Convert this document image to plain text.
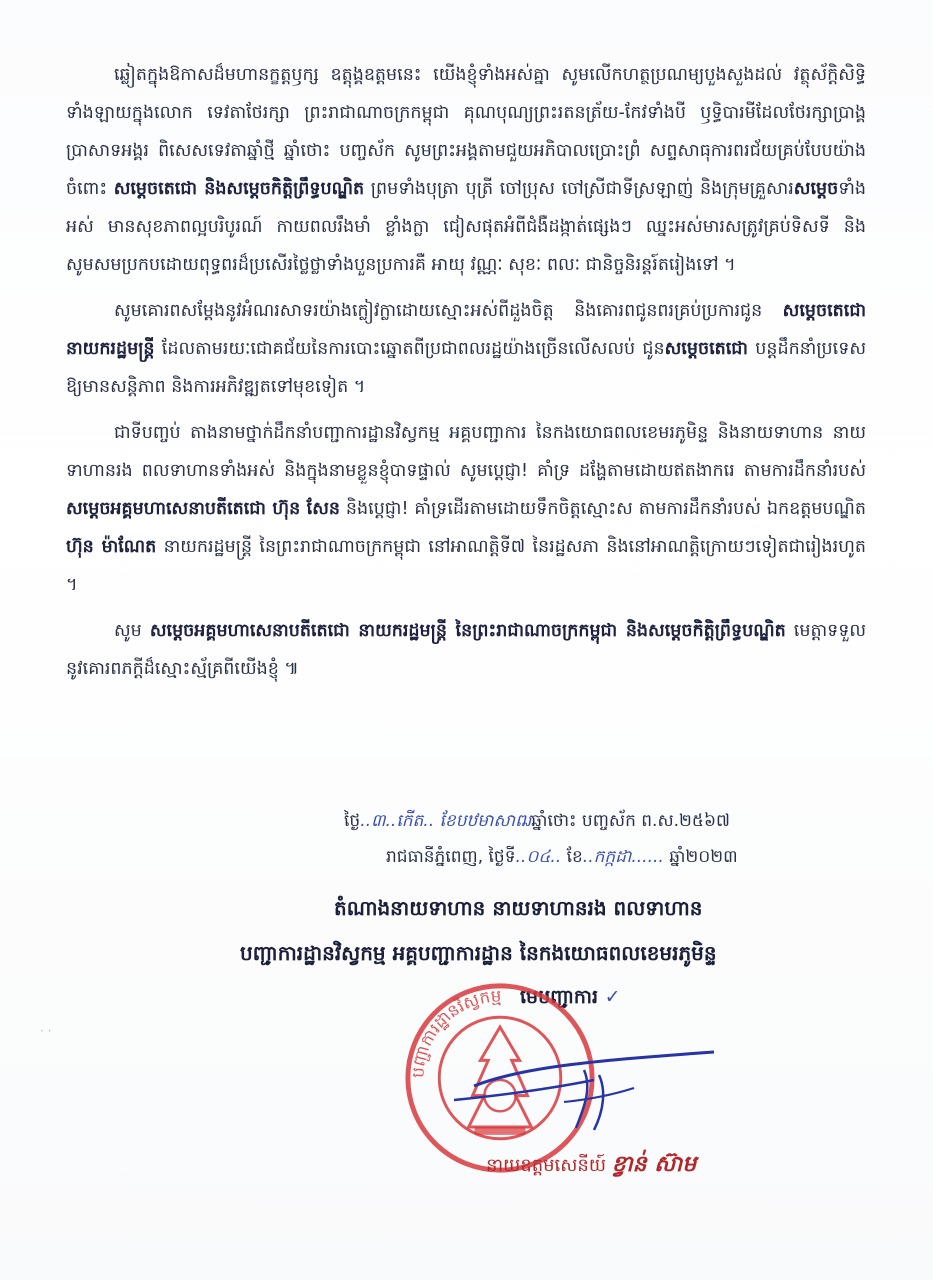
ឆ្លៀតក្នុងឱកាសដ៏មហានក្ខត្តឫក្ស ឧត្តុង្គឧត្តមនេះ យើងខ្ញុំទាំងអស់គ្នា សូមលើកហត្ថប្រណម្យបួងសួងដល់ វត្ថុស័ក្តិសិទ្ធិទាំងឡាយក្នុងលោក ទេវតាថែរក្សា ព្រះរាជាណាចក្រកម្ពុជា គុណបុណ្យព្រះរតនត្រ័យ-កែវទាំងបី ឫទ្ធិបារមីដែលថែរក្សាប្រាង្គប្រាសាទអង្គរ ពិសេសទេវតាឆ្នាំថ្មី ឆ្នាំថោះ បញ្ចស័ក សូមព្រះអង្គតាមជួយអភិបាលប្រោះព្រំ សព្ទសាធុការពរជ័យគ្រប់បែបយ៉ាងចំពោះ សម្តេចតេជោ និងសម្តេចកិត្តិព្រឹទ្ធបណ្ឌិត ព្រមទាំងបុត្រា បុត្រី ចៅប្រុស ចៅស្រីជាទីស្រឡាញ់ និងក្រុមគ្រួសារសម្តេចទាំងអស់ មានសុខភាពល្អបរិបូរណ៍ កាយពលរឹងមាំ ខ្លាំងក្លា ជៀសផុតអំពីជំងឺដង្កាត់ផ្សេងៗ ឈ្នះអស់មារសត្រូវគ្រប់ទិសទី និងសូមសមប្រកបដោយពុទ្ធពរដ៏ប្រសើរថ្លៃថ្លាទាំងបួនប្រការគឺ អាយុ វណ្ណៈ សុខៈ ពលៈ ជានិច្ចនិរន្តរ៍តរៀងទៅ ។

សូមគោរពសម្តែងនូវអំណរសាទរយ៉ាងក្លៀវក្លាដោយស្មោះអស់ពីដួងចិត្ត និងគោរពជូនពរគ្រប់ប្រការជូន សម្តេចតេជោ នាយករដ្ឋមន្ត្រី ដែលតាមរយៈជោគជ័យនៃការបោះឆ្នោតពីប្រជាពលរដ្ឋយ៉ាងច្រើនលើសលប់ ជូនសម្តេចតេជោ បន្តដឹកនាំប្រទេសឱ្យមានសន្តិភាព និងការអភិវឌ្ឍតទៅមុខទៀត ។

ជាទីបញ្ចប់ តាងនាមថ្នាក់ដឹកនាំបញ្ជាការដ្ឋានវិស្វកម្ម អគ្គបញ្ជាការ នៃកងយោធពលខេមរភូមិន្ទ និងនាយទាហាន នាយទាហានរង ពលទាហានទាំងអស់ និងក្នុងនាមខ្លួនខ្ញុំបាទផ្ទាល់ សូមប្តេជ្ញា! គាំទ្រ ដង្ហែតាមដោយឥតងាករេ តាមការដឹកនាំរបស់ សម្តេចអគ្គមហាសេនាបតីតេជោ ហ៊ុន សែន និងប្តេជ្ញា! គាំទ្រដើរតាមដោយទឹកចិត្តស្មោះស តាមការដឹកនាំរបស់ ឯកឧត្តមបណ្ឌិត ហ៊ុន ម៉ាណែត នាយករដ្ឋមន្ត្រី នៃព្រះរាជាណាចក្រកម្ពុជា នៅអាណត្តិទី៧ នៃរដ្ឋសភា និងនៅអាណត្តិក្រោយៗទៀតជារៀងរហូត ។

សូម សម្តេចអគ្គមហាសេនាបតីតេជោ នាយករដ្ឋមន្ត្រី នៃព្រះរាជាណាចក្រកម្ពុជា និងសម្តេចកិត្តិព្រឹទ្ធបណ្ឌិត មេត្តាទទួលនូវគោរពភក្តីដ៏ស្មោះស្ម័គ្រពីយើងខ្ញុំ ៕

ថ្ងៃ..៣..កើត.. ខែបឋមាសាឍឆ្នាំថោះ បញ្ចស័ក ព.ស.២៥៦៧
រាជធានីភ្នំពេញ, ថ្ងៃទី..០៤.. ខែ..កក្កដា...... ឆ្នាំ២០២៣
តំណាងនាយទាហាន នាយទាហានរង ពលទាហាន
បញ្ជាការដ្ឋានវិស្វកម្ម អគ្គបញ្ជាការដ្ឋាន នៃកងយោធពលខេមរភូមិន្ទ
មេបញ្ជាការ ✓
បញ្ជាការដ្ឋានវិស្វកម្ម
នាយឧត្តមសេនីយ៍ ខ្វាន់ ស៊ាម
· ·
